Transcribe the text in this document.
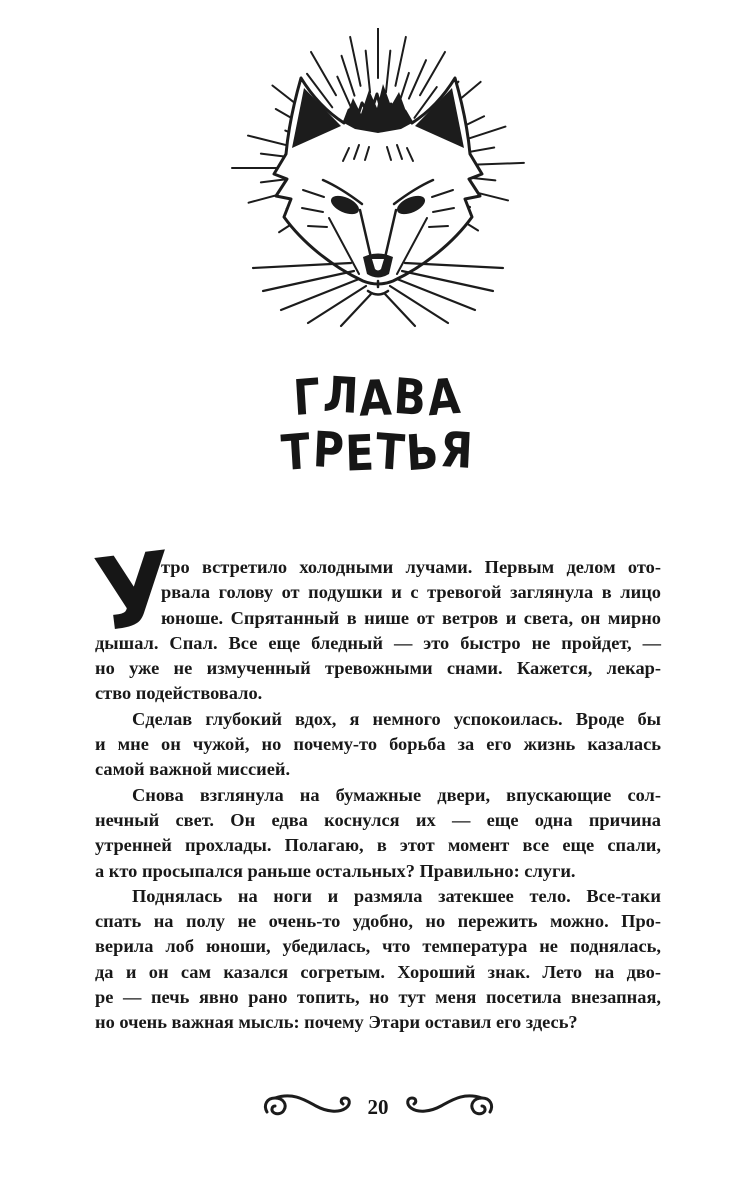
ГЛАВА
ТРЕТЬЯ
У
тро встретило холодными лучами. Первым делом ото-
рвала голову от подушки и с тревогой заглянула в лицо
юноше. Спрятанный в нише от ветров и света, он мирно
дышал. Спал. Все еще бледный — это быстро не пройдет, —
но уже не измученный тревожными снами. Кажется, лекар-
ство подействовало.
Сделав глубокий вдох, я немного успокоилась. Вроде бы
и мне он чужой, но почему-то борьба за его жизнь казалась
самой важной миссией.
Снова взглянула на бумажные двери, впускающие сол-
нечный свет. Он едва коснулся их — еще одна причина
утренней прохлады. Полагаю, в этот момент все еще спали,
а кто просыпался раньше остальных? Правильно: слуги.
Поднялась на ноги и размяла затекшее тело. Все-таки
спать на полу не очень-то удобно, но пережить можно. Про-
верила лоб юноши, убедилась, что температура не поднялась,
да и он сам казался согретым. Хороший знак. Лето на дво-
ре — печь явно рано топить, но тут меня посетила внезапная,
но очень важная мысль: почему Этари оставил его здесь?
20
